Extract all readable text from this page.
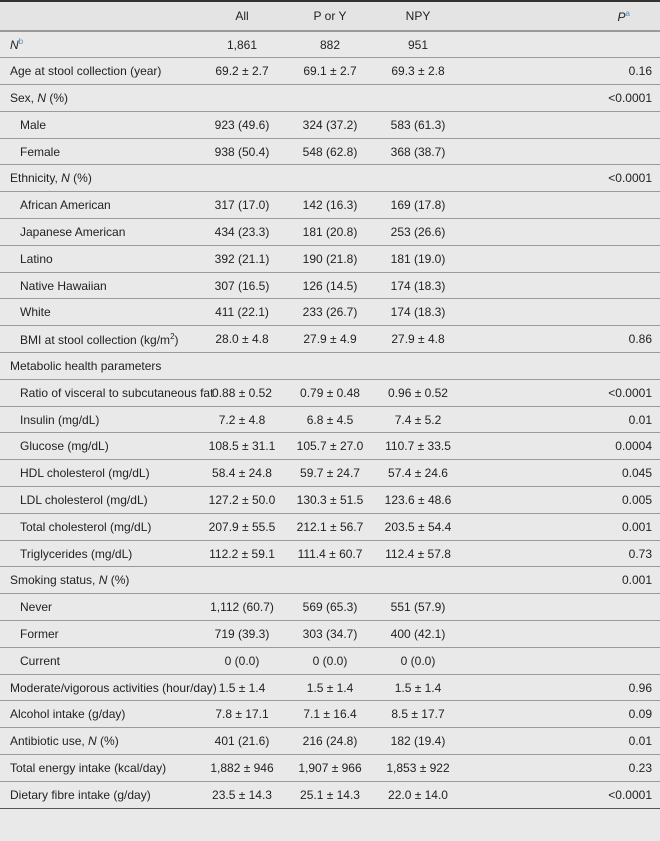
	All	P or Y	NPY	P$^a$
N$^b$	1,861	882	951	
Age at stool collection (year)	69.2 ± 2.7	69.1 ± 2.7	69.3 ± 2.8	0.16
Sex, N (%)				<0.0001
Male	923 (49.6)	324 (37.2)	583 (61.3)	
Female	938 (50.4)	548 (62.8)	368 (38.7)	
Ethnicity, N (%)				<0.0001
African American	317 (17.0)	142 (16.3)	169 (17.8)	
Japanese American	434 (23.3)	181 (20.8)	253 (26.6)	
Latino	392 (21.1)	190 (21.8)	181 (19.0)	
Native Hawaiian	307 (16.5)	126 (14.5)	174 (18.3)	
White	411 (22.1)	233 (26.7)	174 (18.3)	
BMI at stool collection $(kg/m^2)$	28.0 ± 4.8	27.9 ± 4.9	27.9 ± 4.8	0.86
Metabolic health parameters				
Ratio of visceral to subcutaneous fat	0.88 ± 0.52	0.79 ± 0.48	0.96 ± 0.52	<0.0001
Insulin (mg/dL)	7.2 ± 4.8	6.8 ± 4.5	7.4 ± 5.2	0.01
Glucose (mg/dL)	108.5 ± 31.1	105.7 ± 27.0	110.7 ± 33.5	0.0004
HDL cholesterol (mg/dL)	58.4 ± 24.8	59.7 ± 24.7	57.4 ± 24.6	0.045
LDL cholesterol (mg/dL)	127.2 ± 50.0	130.3 ± 51.5	123.6 ± 48.6	0.005
Total cholesterol (mg/dL)	207.9 ± 55.5	212.1 ± 56.7	203.5 ± 54.4	0.001
Triglycerides (mg/dL)	112.2 ± 59.1	111.4 ± 60.7	112.4 ± 57.8	0.73
Smoking status, N (%)				0.001
Never	1,112 (60.7)	569 (65.3)	551 (57.9)	
Former	719 (39.3)	303 (34.7)	400 (42.1)	
Current	0 (0.0)	0 (0.0)	0 (0.0)	
Moderate/vigorous activities (hour/day)	1.5 ± 1.4	1.5 ± 1.4	1.5 ± 1.4	0.96
Alcohol intake (g/day)	7.8 ± 17.1	7.1 ± 16.4	8.5 ± 17.7	0.09
Antibiotic use, N (%)	401 (21.6)	216 (24.8)	182 (19.4)	0.01
Total energy intake (kcal/day)	1,882 ± 946	1,907 ± 966	1,853 ± 922	0.23
Dietary fibre intake (g/day)	23.5 ± 14.3	25.1 ± 14.3	22.0 ± 14.0	<0.0001
